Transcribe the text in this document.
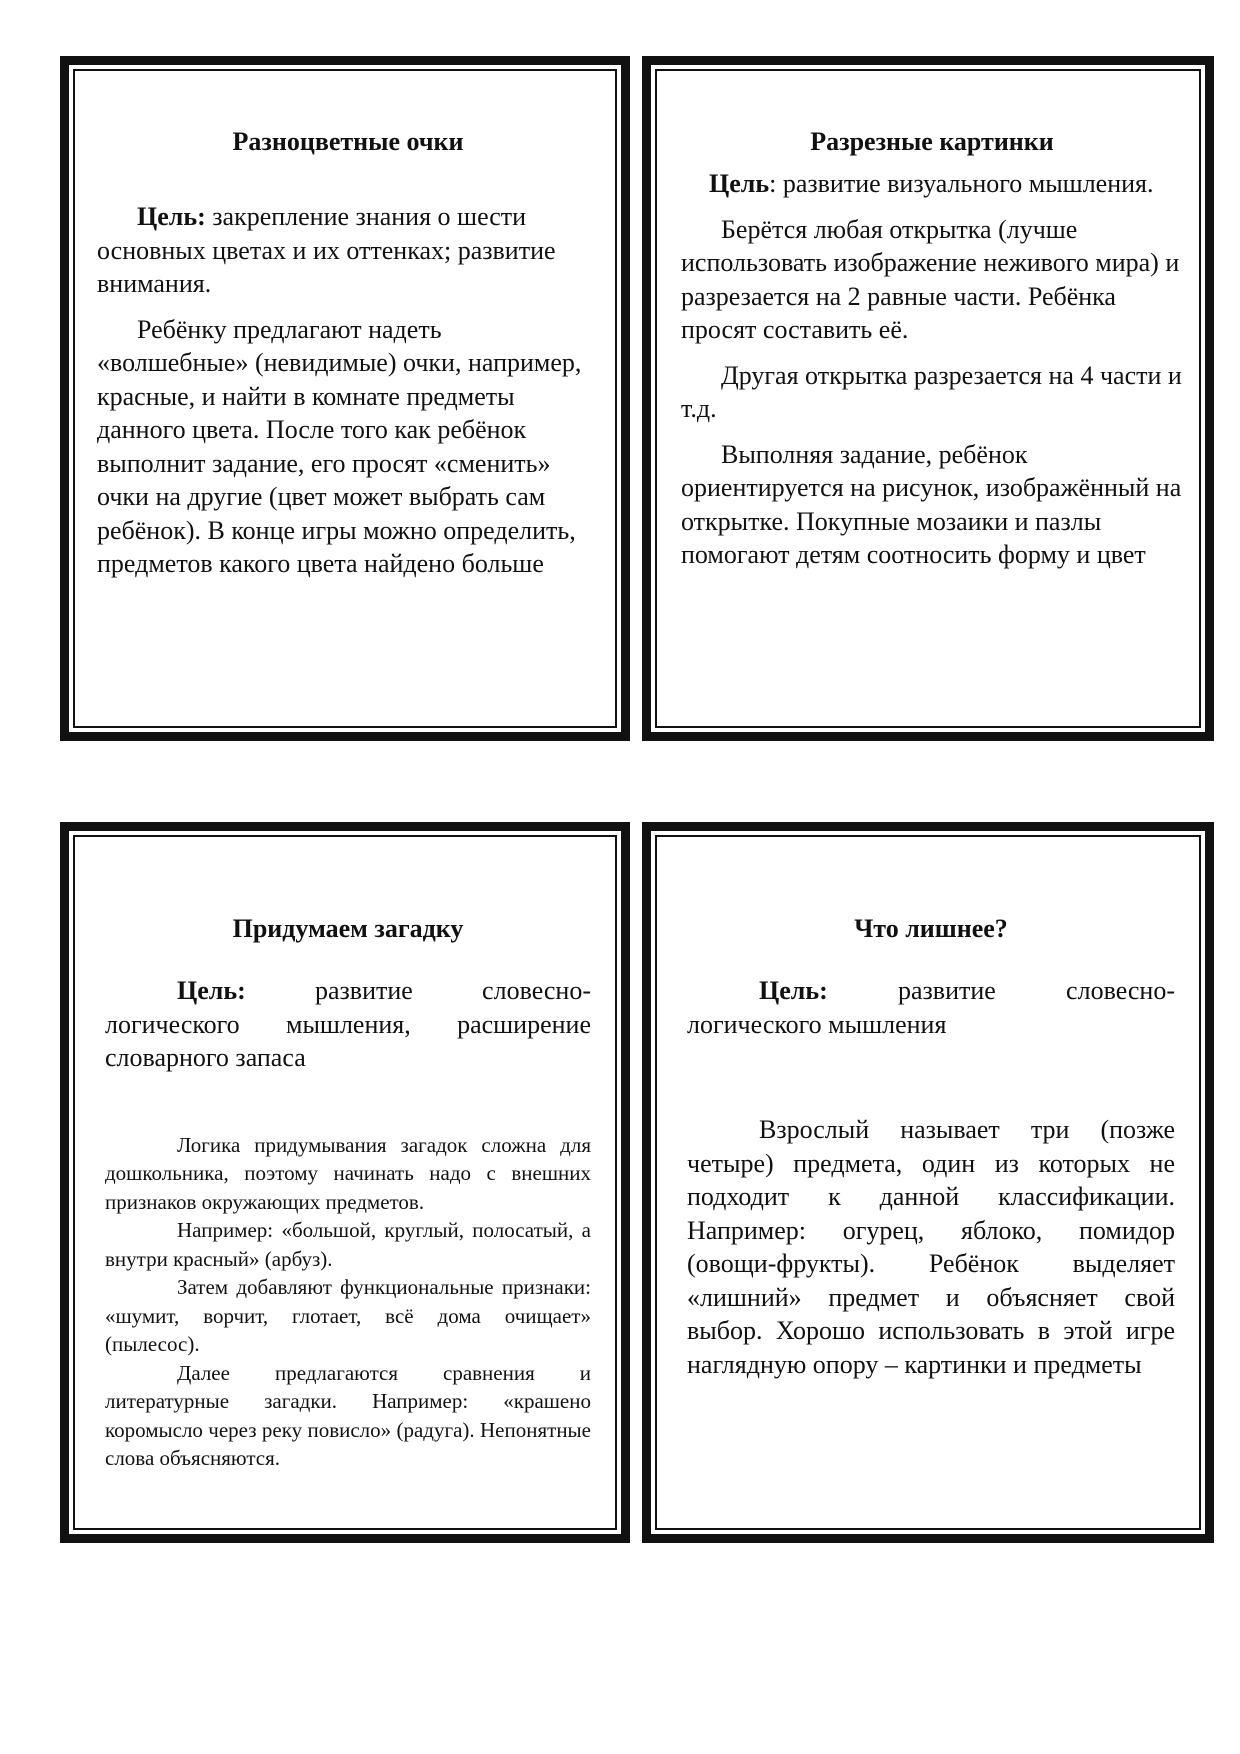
Разноцветные очки

Цель: закрепление знания о шести основных цветах и их оттенках; развитие внимания.

Ребёнку предлагают надеть «волшебные» (невидимые) очки, например, красные, и найти в комнате предметы данного цвета. После того как ребёнок выполнит задание, его просят «сменить» очки на другие (цвет может выбрать сам ребёнок). В конце игры можно определить, предметов какого цвета найдено больше

Разрезные картинки

Цель: развитие визуального мышления.

Берётся любая открытка (лучше использовать изображение неживого мира) и разрезается на 2 равные части. Ребёнка просят составить её.

Другая открытка разрезается на 4 части и т.д.

Выполняя задание, ребёнок ориентируется на рисунок, изображённый на открытке. Покупные мозаики и пазлы помогают детям соотносить форму и цвет

Придумаем загадку

Цель: развитие словесно-логического мышления, расширение словарного запаса

Логика придумывания загадок сложна для дошкольника, поэтому начинать надо с внешних признаков окружающих предметов.

Например: «большой, круглый, полосатый, а внутри красный» (арбуз).

Затем добавляют функциональные признаки: «шумит, ворчит, глотает, всё дома очищает» (пылесос).

Далее предлагаются сравнения и литературные загадки. Например: «крашено коромысло через реку повисло» (радуга). Непонятные слова объясняются.

Что лишнее?

Цель: развитие словесно-логического мышления

Взрослый называет три (позже четыре) предмета, один из которых не подходит к данной классификации. Например: огурец, яблоко, помидор (овощи-фрукты). Ребёнок выделяет «лишний» предмет и объясняет свой выбор. Хорошо использовать в этой игре наглядную опору – картинки и предметы
